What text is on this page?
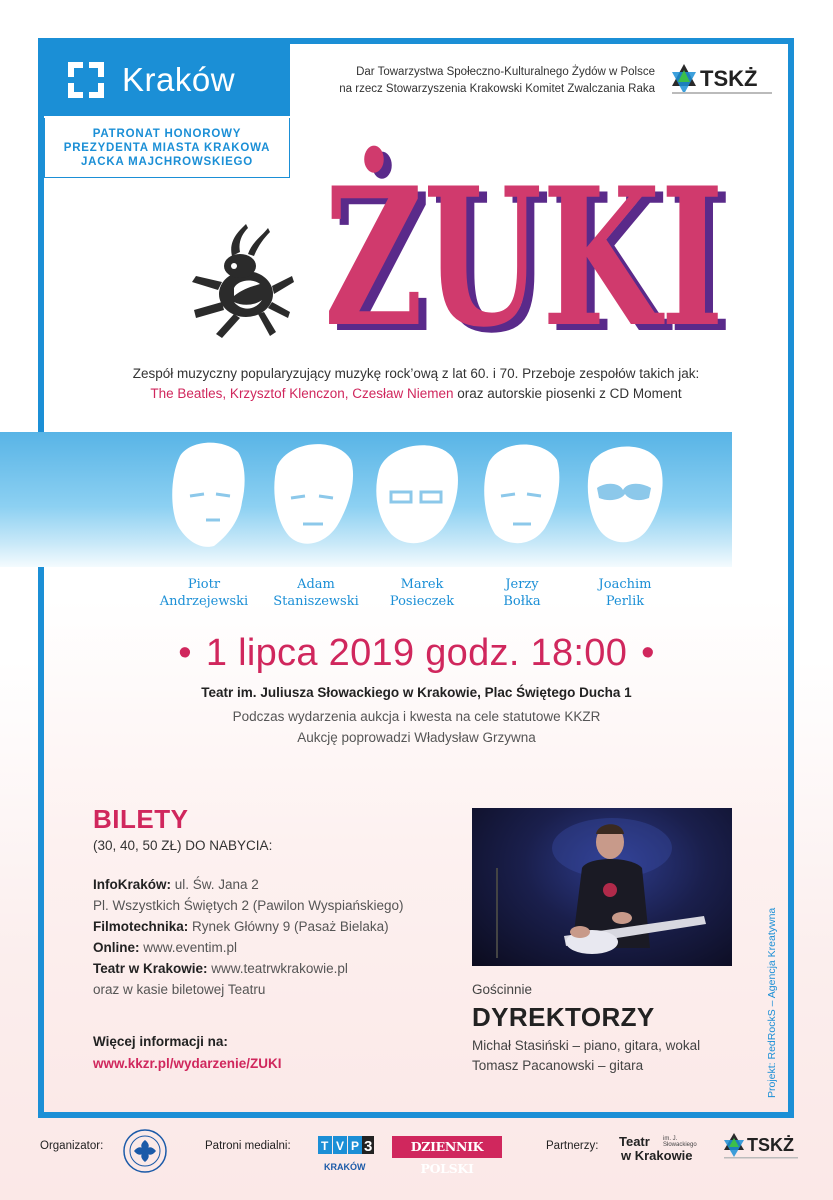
Kraków
PATRONAT HONOROWY
PREZYDENTA MIASTA KRAKOWA
JACKA MAJCHROWSKIEGO
Dar Towarzystwa Społeczno-Kulturalnego Żydów w Polsce
na rzecz Stowarzyszenia Krakowski Komitet Zwalczania Raka TSKŻ
ŻUKI
ŻUKI
Zespół muzyczny popularyzujący muzykę rock’ową z lat 60. i 70. Przeboje zespołów takich jak:
The Beatles, Krzysztof Klenczon, Czesław Niemen oraz autorskie piosenki z CD Moment
Piotr
Andrzejewski
Adam
Staniszewski
Marek
Posieczek
Jerzy
Bołka
Joachim
Perlik
• 1 lipca 2019 godz. 18:00 •
Teatr im. Juliusza Słowackiego w Krakowie, Plac Świętego Ducha 1
Podczas wydarzenia aukcja i kwesta na cele statutowe KKZR
Aukcję poprowadzi Władysław Grzywna
BILETY
(30, 40, 50 ZŁ) DO NABYCIA:
InfoKraków: ul. Św. Jana 2
Pl. Wszystkich Świętych 2 (Pawilon Wyspiańskiego)
Filmotechnika: Rynek Główny 9 (Pasaż Bielaka)
Online: www.eventim.pl
Teatr w Krakowie: www.teatrwkrakowie.pl
oraz w kasie biletowej Teatru
Więcej informacji na:
www.kkzr.pl/wydarzenie/ZUKI
Gościnnie
DYREKTORZY
Michał Stasiński – piano, gitara, wokal
Tomasz Pacanowski – gitara	Projekt: RedRockS – Agencja Kreatywna
Organizator:	Patroni medialni:	T V P 3
KRAKÓW
DZIENNIK POLSKI
Partnerzy: Teatr im. J. Słowackiego
w Krakowie
TSKŻ
